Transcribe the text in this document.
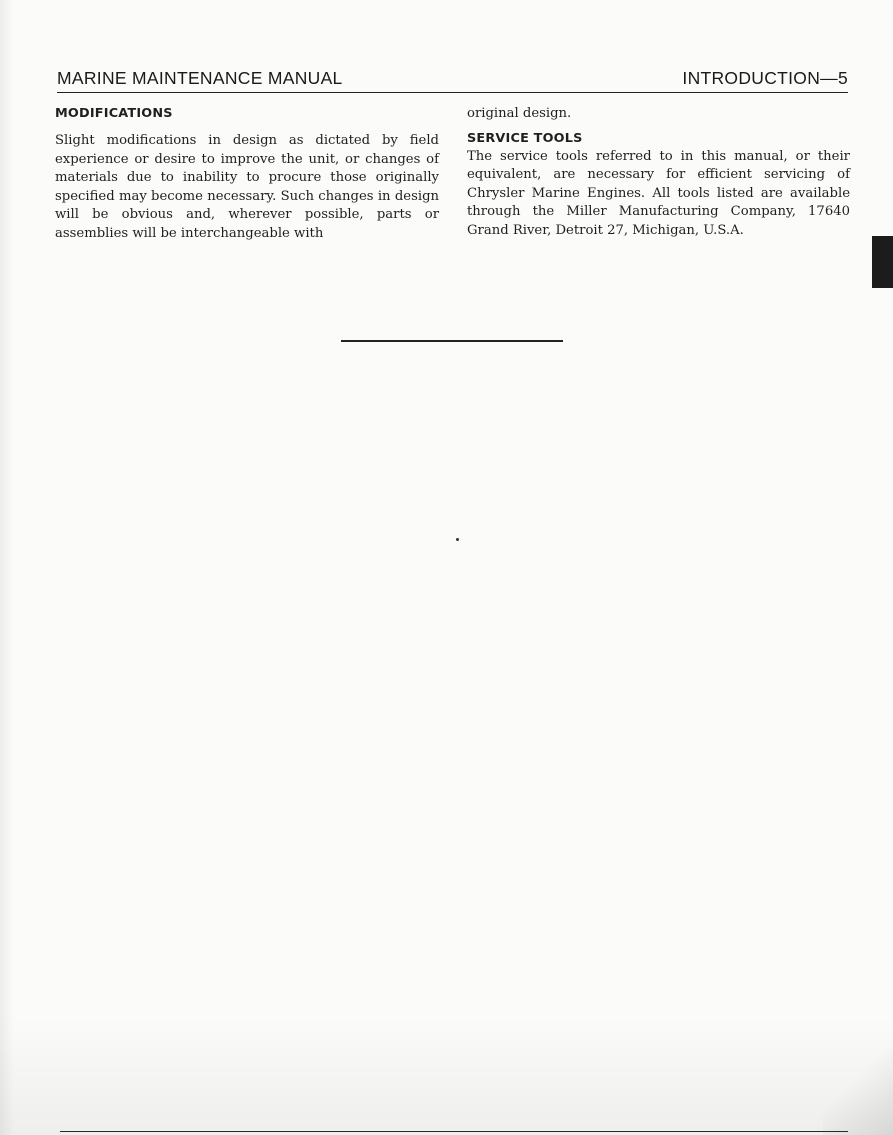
MARINE MAINTENANCE MANUAL	INTRODUCTION—5
MODIFICATIONS

Slight modifications in design as dictated by field experience or desire to improve the unit, or changes of materials due to inability to procure those originally specified may become necessary. Such changes in design will be obvious and, wherever possible, parts or assemblies will be interchangeable with

original design.

SERVICE TOOLS

The service tools referred to in this manual, or their equivalent, are necessary for efficient servicing of Chrysler Marine Engines. All tools listed are available through the Miller Manufacturing Company, 17640 Grand River, Detroit 27, Michigan, U.S.A.
